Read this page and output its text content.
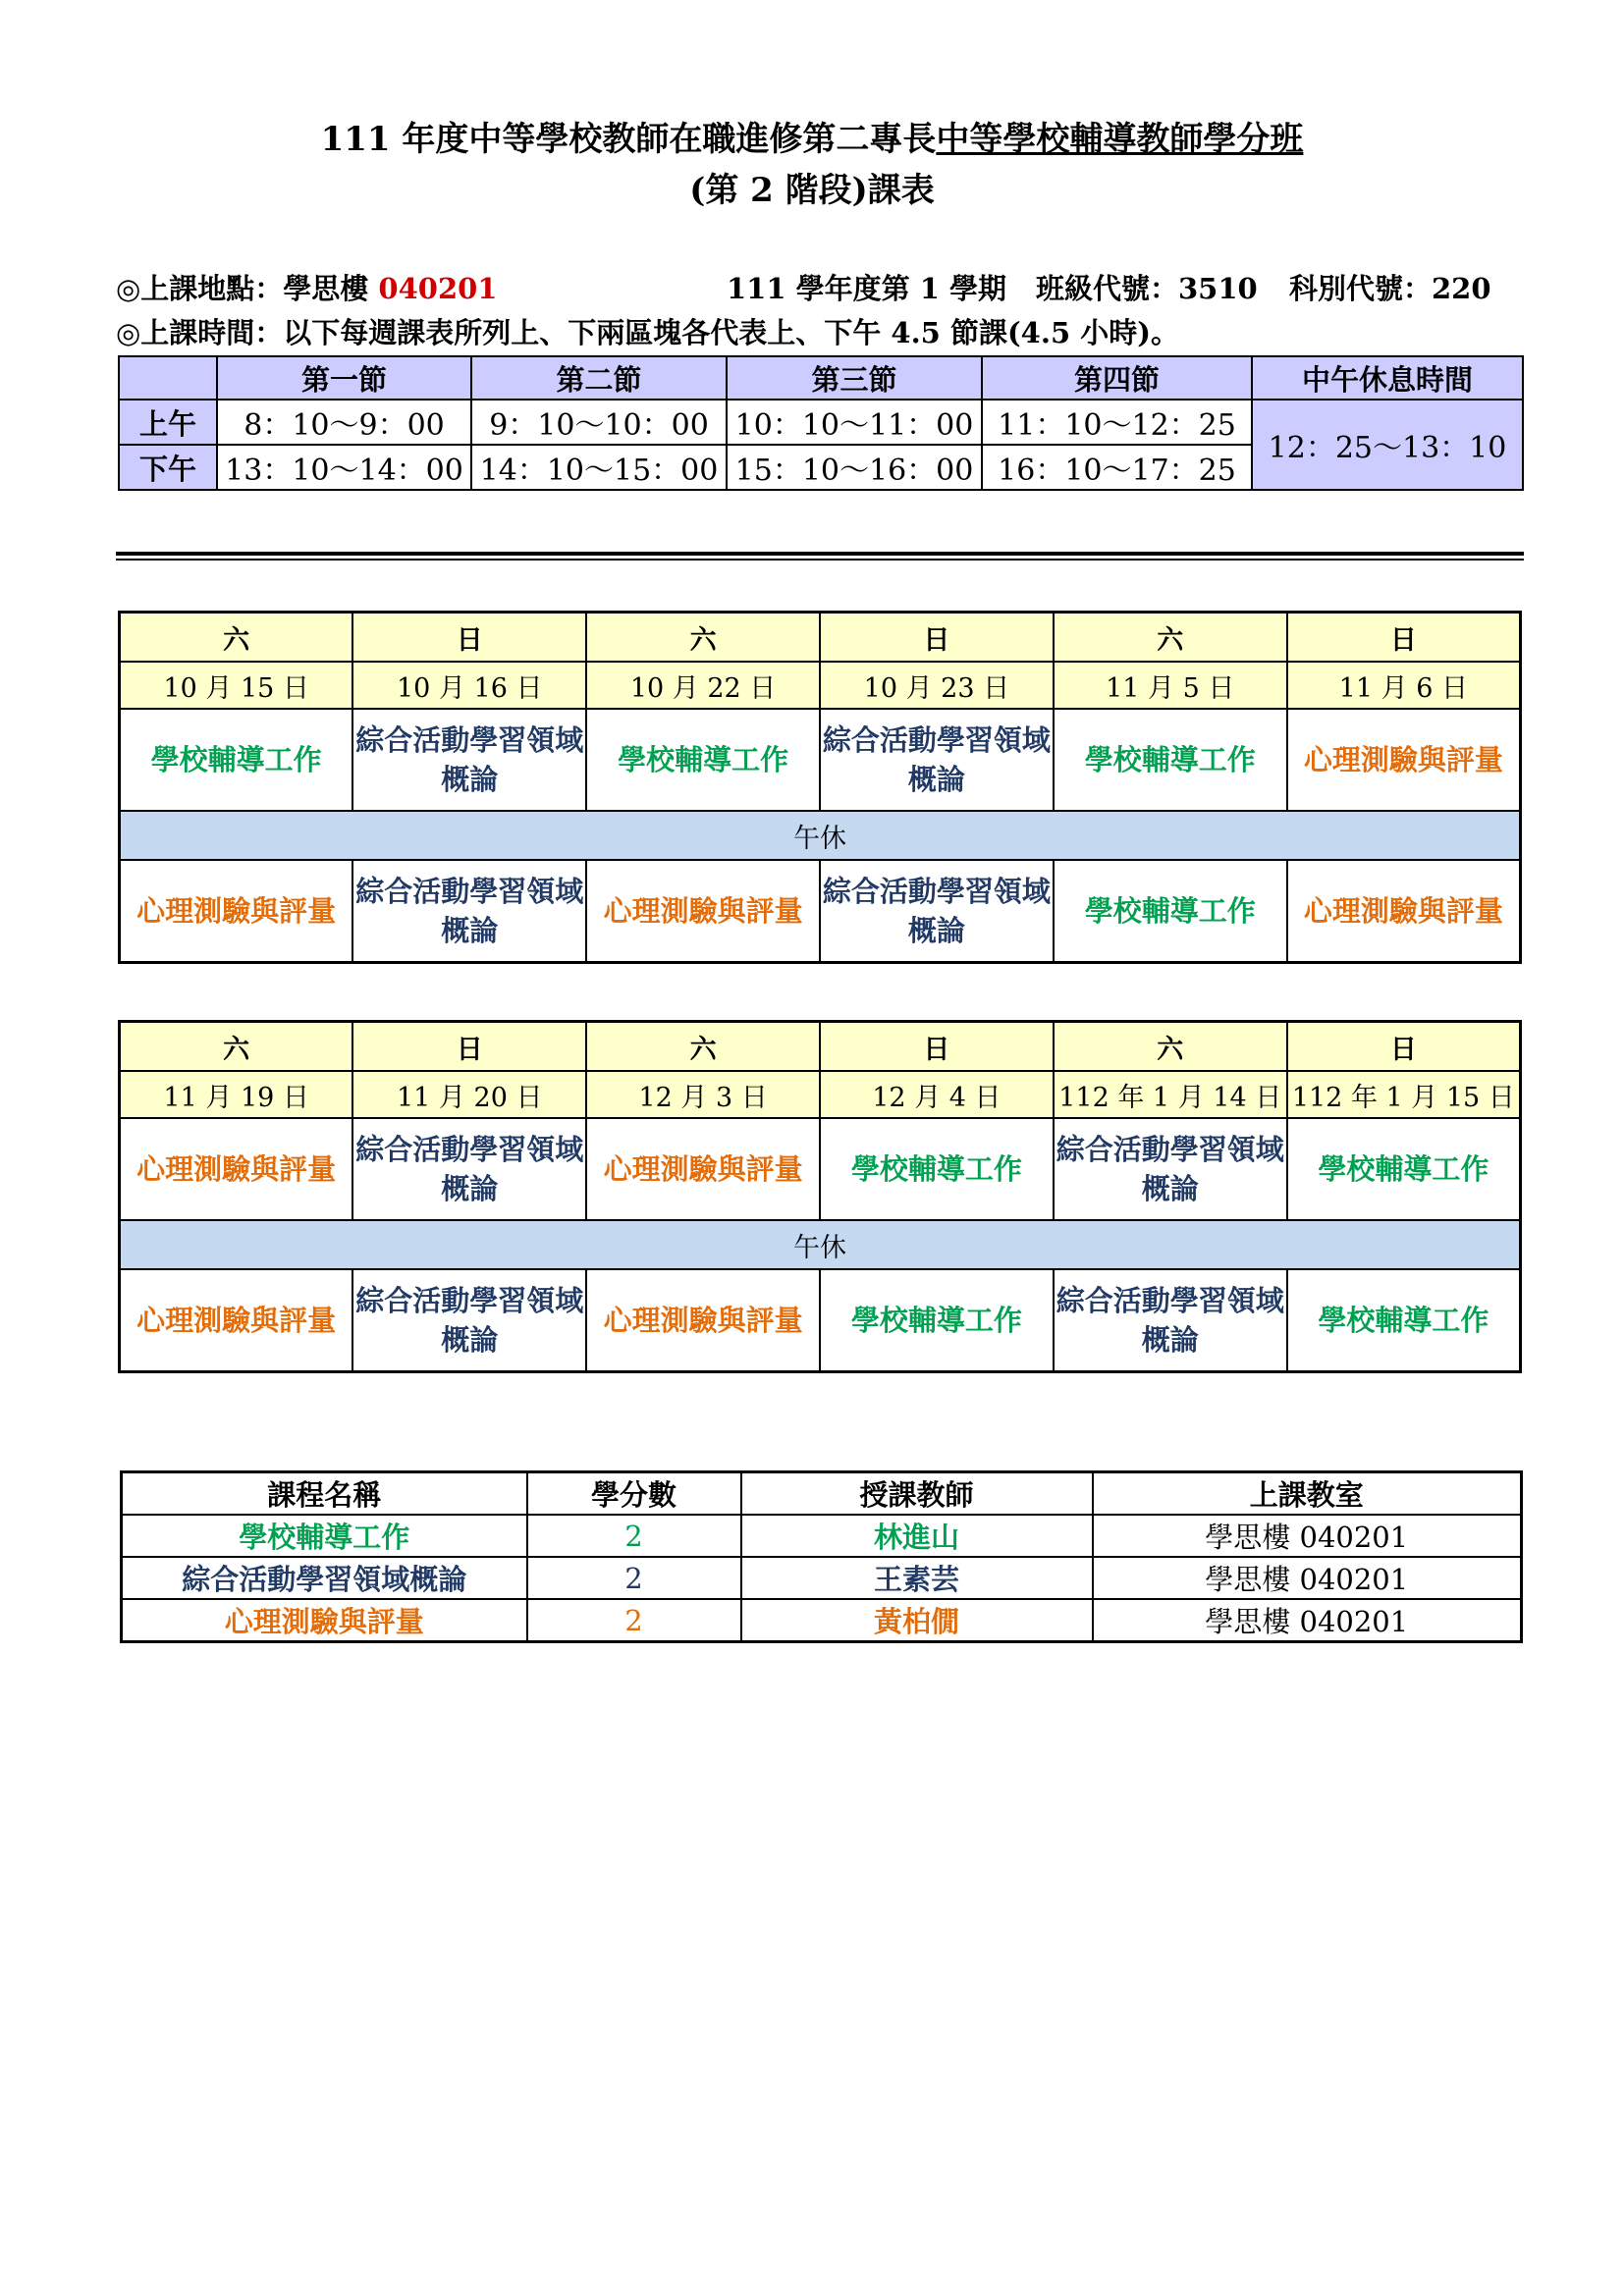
111 年度中等學校教師在職進修第二專長中等學校輔導教師學分班
(第 2 階段)課表
◎上課地點：學思樓 040201	111 學年度第 1 學期 班級代號：3510 科別代號：220
◎上課時間：以下每週課表所列上、下兩區塊各代表上、下午 4.5 節課(4.5 小時)。
	第一節	第二節	第三節	第四節	中午休息時間
上午	8：10～9：00	9：10～10：00	10：10～11：00	11：10～12：25	12：25～13：10
下午	13：10～14：00	14：10～15：00	15：10～16：00	16：10～17：25	
六	日	六	日	六	日
10 月 15 日	10 月 16 日	10 月 22 日	10 月 23 日	11 月 5 日	11 月 6 日
學校輔導工作	綜合活動學習領域概論	學校輔導工作	綜合活動學習領域概論	學校輔導工作	心理測驗與評量
午休					
心理測驗與評量	綜合活動學習領域概論	心理測驗與評量	綜合活動學習領域概論	學校輔導工作	心理測驗與評量
六	日	六	日	六	日
11 月 19 日	11 月 20 日	12 月 3 日	12 月 4 日	112 年 1 月 14 日	112 年 1 月 15 日
心理測驗與評量	綜合活動學習領域概論	心理測驗與評量	學校輔導工作	綜合活動學習領域概論	學校輔導工作
午休					
心理測驗與評量	綜合活動學習領域概論	心理測驗與評量	學校輔導工作	綜合活動學習領域概論	學校輔導工作
課程名稱	學分數	授課教師	上課教室
學校輔導工作	2	林進山	學思樓 040201
綜合活動學習領域概論	2	王素芸	學思樓 040201
心理測驗與評量	2	黃柏僩	學思樓 040201
